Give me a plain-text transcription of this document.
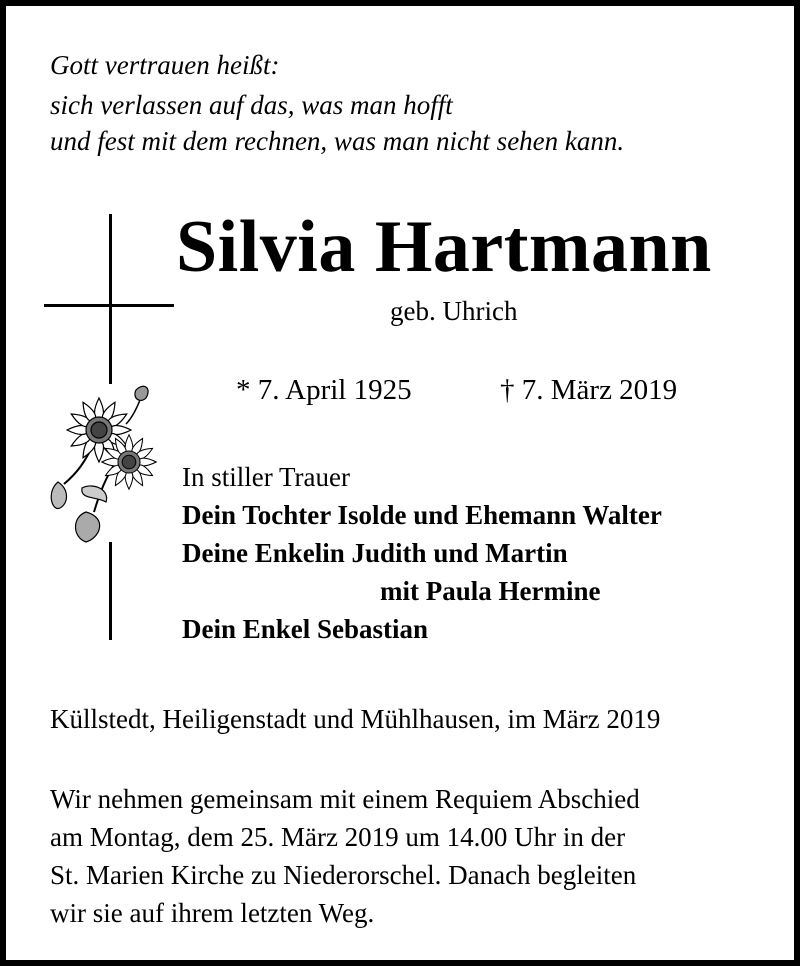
Gott vertrauen heißt:
sich verlassen auf das, was man hofft
und fest mit dem rechnen, was man nicht sehen kann.
Silvia Hartmann
geb. Uhrich
* 7. April 1925	† 7. März 2019
In stiller Trauer
Dein Tochter Isolde und Ehemann Walter
Deine Enkelin Judith und Martin
mit Paula Hermine
Dein Enkel Sebastian
Küllstedt, Heiligenstadt und Mühlhausen, im März 2019
Wir nehmen gemeinsam mit einem Requiem Abschied
am Montag, dem 25. März 2019 um 14.00 Uhr in der
St. Marien Kirche zu Niederorschel. Danach begleiten
wir sie auf ihrem letzten Weg.
